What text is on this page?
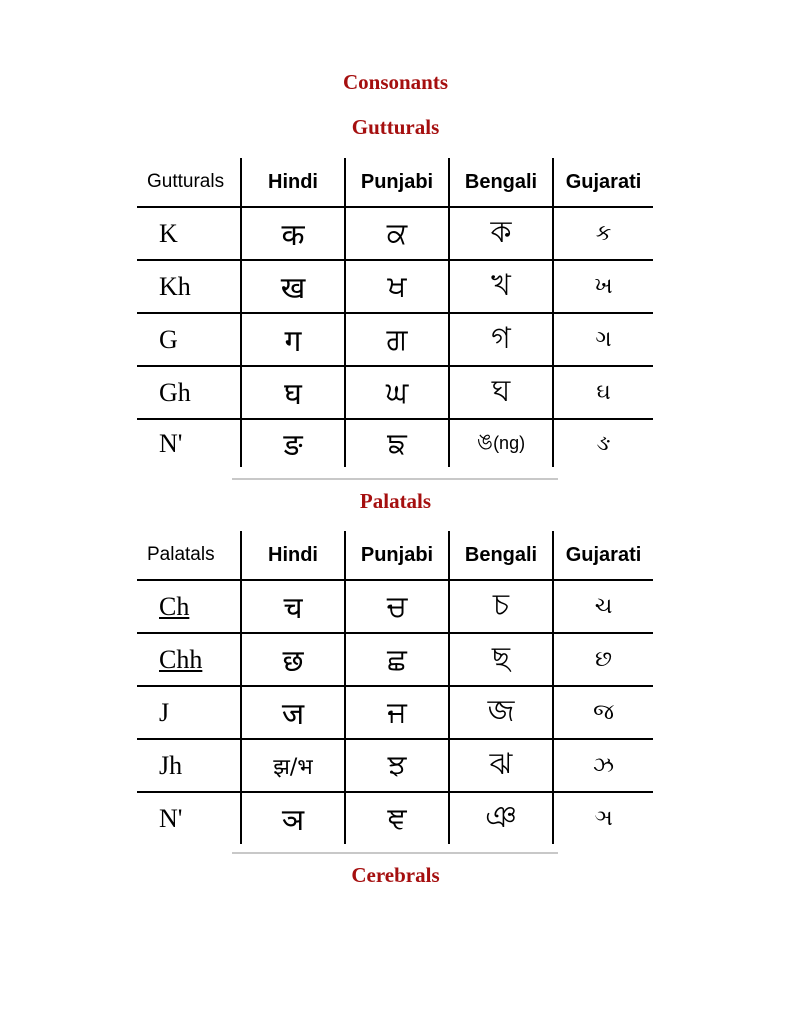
Consonants
Gutturals
Gutturals	Hindi	Punjabi	Bengali	Gujarati
K	क	ਕ	ক	ક
Kh	ख	ਖ	খ	ખ
G	ग	ਗ	গ	ગ
Gh	घ	ਘ	ঘ	ઘ
N'	ङ	ਙ	ঙ(ng)	ઙ
Palatals
Palatals	Hindi	Punjabi	Bengali	Gujarati
Ch	च	ਚ	চ	ચ
Chh	छ	ਛ	ছ	છ
J	ज	ਜ	জ	જ
Jh	झ/भ	ਝ	ঝ	ઝ
N'	ञ	ਞ	ঞ	ઞ
Cerebrals
